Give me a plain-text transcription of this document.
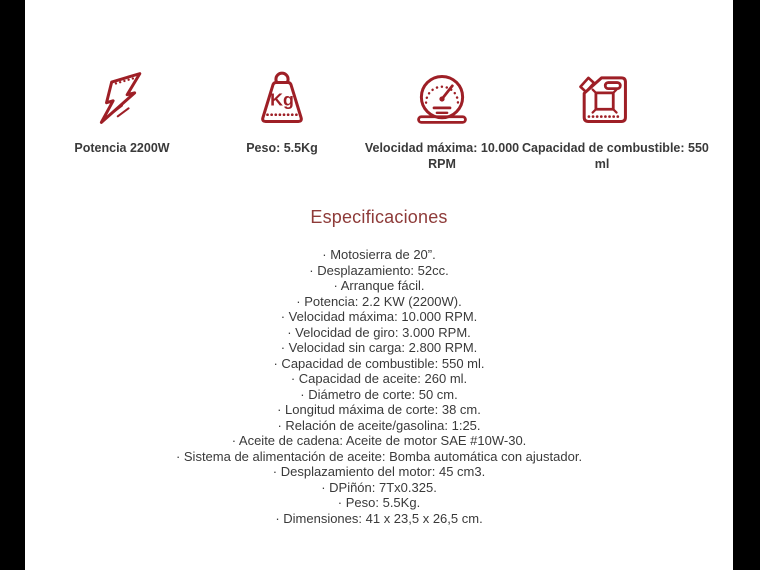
Potencia 2200W
Kg
Peso: 5.5Kg	Velocidad máxima: 10.000
RPM
Capacidad de combustible: 550
ml
Especificaciones
· Motosierra de 20”.
· Desplazamiento: 52cc.
· Arranque fácil.
· Potencia: 2.2 KW (2200W).
· Velocidad máxima: 10.000 RPM.
· Velocidad de giro: 3.000 RPM.
· Velocidad sin carga: 2.800 RPM.
· Capacidad de combustible: 550 ml.
· Capacidad de aceite: 260 ml.
· Diámetro de corte: 50 cm.
· Longitud máxima de corte: 38 cm.
· Relación de aceite/gasolina: 1:25.
· Aceite de cadena: Aceite de motor SAE #10W-30.
· Sistema de alimentación de aceite: Bomba automática con ajustador.
· Desplazamiento del motor: 45 cm3.
· DPiñón: 7Tx0.325.
· Peso: 5.5Kg.
· Dimensiones: 41 x 23,5 x 26,5 cm.
